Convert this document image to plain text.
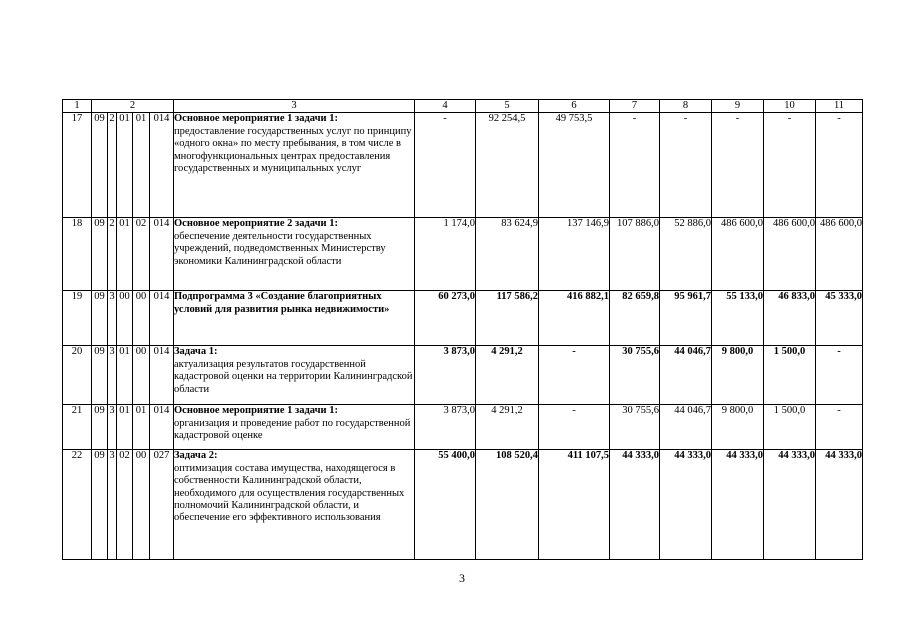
1	2					3	4	5	6	7	8	9	10	11
17	09	2	01	01	014	Основное мероприятие 1 задачи 1:
предоставление государственных услуг по принципу «одного окна» по месту пребывания, в том числе в многофункциональных центрах предоставления государственных и муниципальных услуг	-	92 254,5	49 753,5	-	-	-	-	-
18	09	2	01	02	014	Основное мероприятие 2 задачи 1:
обеспечение деятельности государственных учреждений, подведомственных Министерству экономики Калининградской области	1 174,0	83 624,9	137 146,9	107 886,0	52 886,0	486 600,0	486 600,0	486 600,0
19	09	3	00	00	014	Подпрограмма 3 «Создание благоприятных условий для развития рынка недвижимости»	60 273,0	117 586,2	416 882,1	82 659,8	95 961,7	55 133,0	46 833,0	45 333,0
20	09	3	01	00	014	Задача 1:
актуализация результатов государственной кадастровой оценки на территории Калининградской области	3 873,0	4 291,2	-	30 755,6	44 046,7	9 800,0	1 500,0	-
21	09	3	01	01	014	Основное мероприятие 1 задачи 1:
организация и проведение работ по государственной кадастровой оценке	3 873,0	4 291,2	-	30 755,6	44 046,7	9 800,0	1 500,0	-
22	09	3	02	00	027	Задача 2:
оптимизация состава имущества, находящегося в собственности Калининградской области, необходимого для осуществления государственных полномочий Калининградской области, и обеспечение его эффективного использования	55 400,0	108 520,4	411 107,5	44 333,0	44 333,0	44 333,0	44 333,0	44 333,0
3
